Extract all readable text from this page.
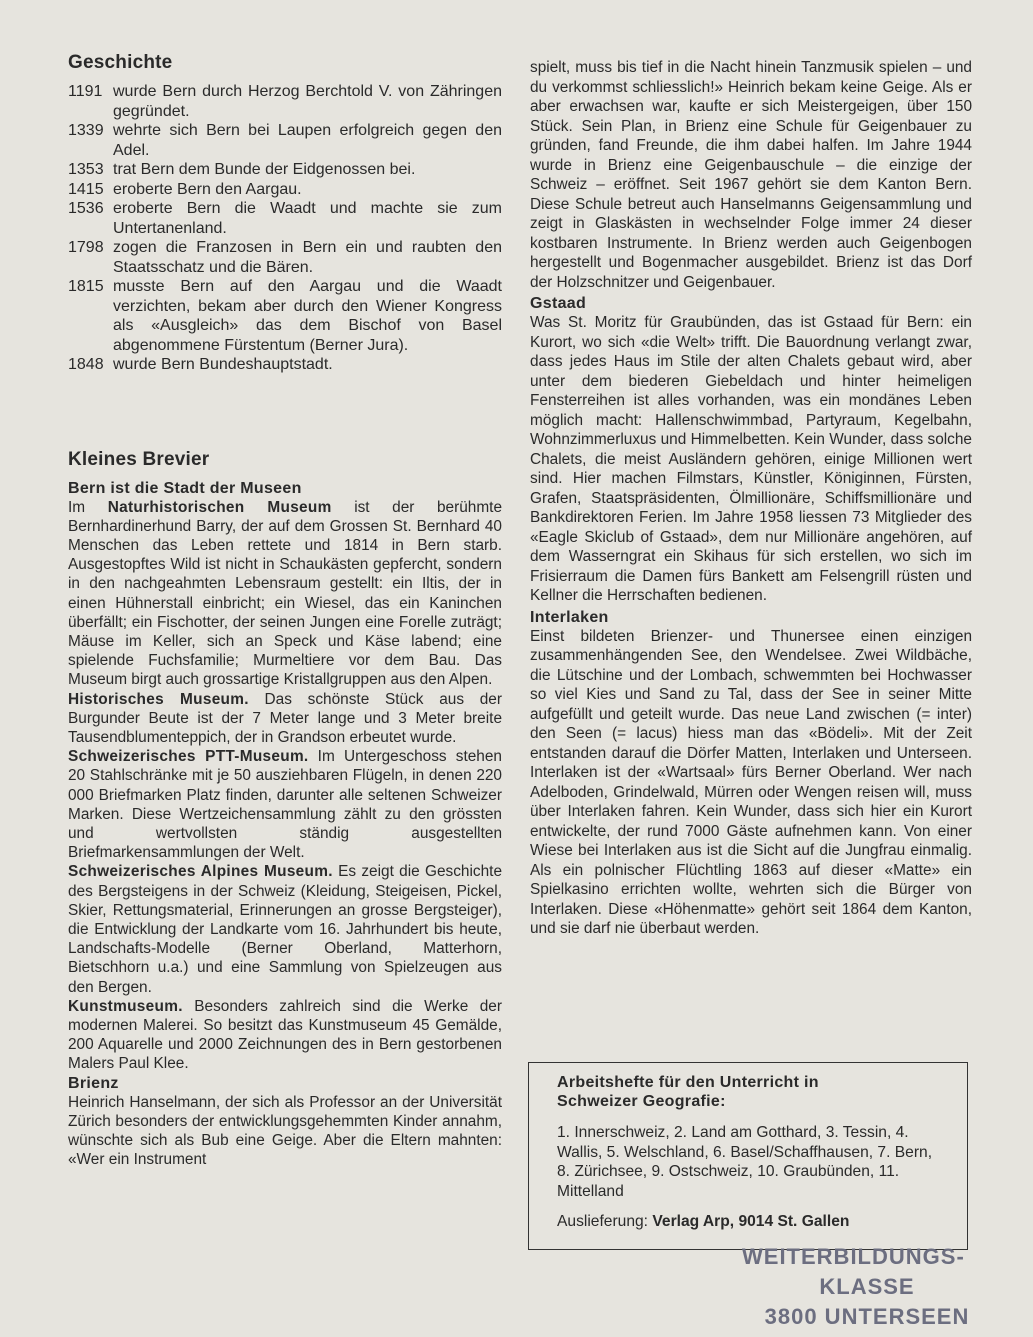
Geschichte
1191 wurde Bern durch Herzog Berchtold V. von Zähringen gegründet.
1339 wehrte sich Bern bei Laupen erfolgreich gegen den Adel.
1353 trat Bern dem Bunde der Eidgenossen bei.
1415 eroberte Bern den Aargau.
1536 eroberte Bern die Waadt und machte sie zum Untertanenland.
1798 zogen die Franzosen in Bern ein und raubten den Staatsschatz und die Bären.
1815 musste Bern auf den Aargau und die Waadt verzichten, bekam aber durch den Wiener Kongress als «Ausgleich» das dem Bischof von Basel abgenommene Fürstentum (Berner Jura).
1848 wurde Bern Bundeshauptstadt.
Kleines Brevier
Bern ist die Stadt der Museen

Im Naturhistorischen Museum ist der berühmte Bernhardinerhund Barry, der auf dem Grossen St. Bernhard 40 Menschen das Leben rettete und 1814 in Bern starb. Ausgestopftes Wild ist nicht in Schaukästen gepfercht, sondern in den nachgeahmten Lebensraum gestellt: ein Iltis, der in einen Hühnerstall einbricht; ein Wiesel, das ein Kaninchen überfällt; ein Fischotter, der seinen Jungen eine Forelle zuträgt; Mäuse im Keller, sich an Speck und Käse labend; eine spielende Fuchsfamilie; Murmeltiere vor dem Bau. Das Museum birgt auch grossartige Kristallgruppen aus den Alpen.

Historisches Museum. Das schönste Stück aus der Burgunder Beute ist der 7 Meter lange und 3 Meter breite Tausendblumenteppich, der in Grandson erbeutet wurde.

Schweizerisches PTT-Museum. Im Untergeschoss stehen 20 Stahlschränke mit je 50 ausziehbaren Flügeln, in denen 220 000 Briefmarken Platz finden, darunter alle seltenen Schweizer Marken. Diese Wertzeichensammlung zählt zu den grössten und wertvollsten ständig ausgestellten Briefmarkensammlungen der Welt.

Schweizerisches Alpines Museum. Es zeigt die Geschichte des Bergsteigens in der Schweiz (Kleidung, Steigeisen, Pickel, Skier, Rettungsmaterial, Erinnerungen an grosse Bergsteiger), die Entwicklung der Landkarte vom 16. Jahrhundert bis heute, Landschafts-Modelle (Berner Oberland, Matterhorn, Bietschhorn u.a.) und eine Sammlung von Spielzeugen aus den Bergen.

Kunstmuseum. Besonders zahlreich sind die Werke der modernen Malerei. So besitzt das Kunstmuseum 45 Gemälde, 200 Aquarelle und 2000 Zeichnungen des in Bern gestorbenen Malers Paul Klee.

Brienz

Heinrich Hanselmann, der sich als Professor an der Universität Zürich besonders der entwicklungsgehemmten Kinder annahm, wünschte sich als Bub eine Geige. Aber die Eltern mahnten: «Wer ein Instrument

spielt, muss bis tief in die Nacht hinein Tanzmusik spielen – und du verkommst schliesslich!» Heinrich bekam keine Geige. Als er aber erwachsen war, kaufte er sich Meistergeigen, über 150 Stück. Sein Plan, in Brienz eine Schule für Geigenbauer zu gründen, fand Freunde, die ihm dabei halfen. Im Jahre 1944 wurde in Brienz eine Geigenbauschule – die einzige der Schweiz – eröffnet. Seit 1967 gehört sie dem Kanton Bern. Diese Schule betreut auch Hanselmanns Geigensammlung und zeigt in Glaskästen in wechselnder Folge immer 24 dieser kostbaren Instrumente. In Brienz werden auch Geigenbogen hergestellt und Bogenmacher ausgebildet. Brienz ist das Dorf der Holzschnitzer und Geigenbauer.

Gstaad

Was St. Moritz für Graubünden, das ist Gstaad für Bern: ein Kurort, wo sich «die Welt» trifft. Die Bauordnung verlangt zwar, dass jedes Haus im Stile der alten Chalets gebaut wird, aber unter dem biederen Giebeldach und hinter heimeligen Fensterreihen ist alles vorhanden, was ein mondänes Leben möglich macht: Hallenschwimmbad, Partyraum, Kegelbahn, Wohnzimmerluxus und Himmelbetten. Kein Wunder, dass solche Chalets, die meist Ausländern gehören, einige Millionen wert sind. Hier machen Filmstars, Künstler, Königinnen, Fürsten, Grafen, Staatspräsidenten, Ölmillionäre, Schiffsmillionäre und Bankdirektoren Ferien. Im Jahre 1958 liessen 73 Mitglieder des «Eagle Skiclub of Gstaad», dem nur Millionäre angehören, auf dem Wasserngrat ein Skihaus für sich erstellen, wo sich im Frisierraum die Damen fürs Bankett am Felsengrill rüsten und Kellner die Herrschaften bedienen.

Interlaken

Einst bildeten Brienzer- und Thunersee einen einzigen zusammenhängenden See, den Wendelsee. Zwei Wildbäche, die Lütschine und der Lombach, schwemmten bei Hochwasser so viel Kies und Sand zu Tal, dass der See in seiner Mitte aufgefüllt und geteilt wurde. Das neue Land zwischen (= inter) den Seen (= lacus) hiess man das «Bödeli». Mit der Zeit entstanden darauf die Dörfer Matten, Interlaken und Unterseen. Interlaken ist der «Wartsaal» fürs Berner Oberland. Wer nach Adelboden, Grindelwald, Mürren oder Wengen reisen will, muss über Interlaken fahren. Kein Wunder, dass sich hier ein Kurort entwickelte, der rund 7000 Gäste aufnehmen kann. Von einer Wiese bei Interlaken aus ist die Sicht auf die Jungfrau einmalig. Als ein polnischer Flüchtling 1863 auf dieser «Matte» ein Spielkasino errichten wollte, wehrten sich die Bürger von Interlaken. Diese «Höhenmatte» gehört seit 1864 dem Kanton, und sie darf nie überbaut werden.

Arbeitshefte für den Unterricht in
Schweizer Geografie:
1. Innerschweiz, 2. Land am Gotthard, 3. Tessin, 4. Wallis, 5. Welschland, 6. Basel/Schaffhausen, 7. Bern, 8. Zürichsee, 9. Ostschweiz, 10. Graubünden, 11. Mittelland
Auslieferung: Verlag Arp, 9014 St. Gallen
WEITERBILDUNGS-
KLASSE
3800 UNTERSEEN
